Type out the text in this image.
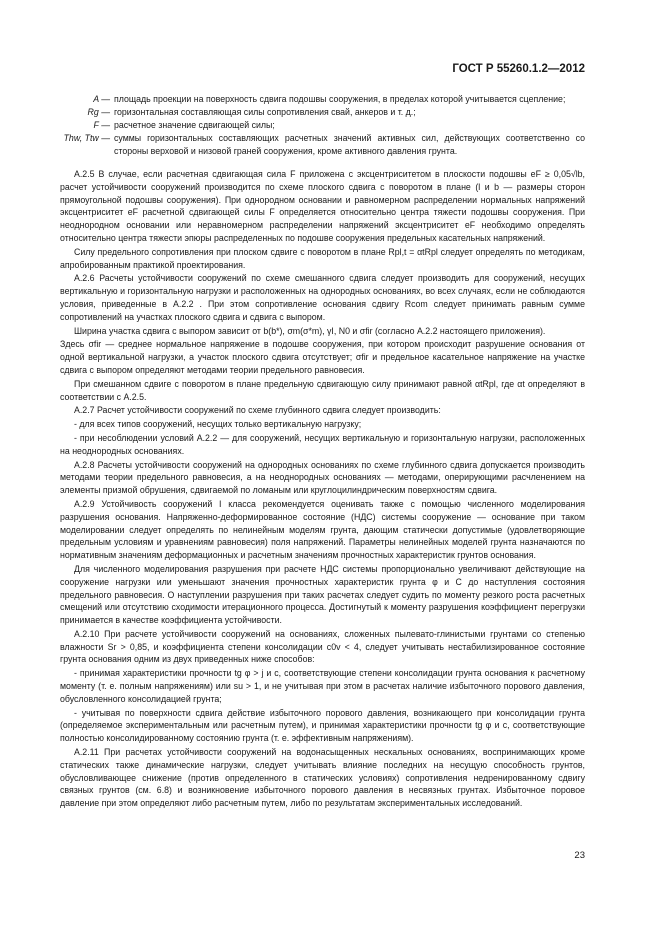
ГОСТ Р 55260.1.2—2012
A — площадь проекции на поверхность сдвига подошвы сооружения, в пределах которой учитывается сцепление;
Rg — горизонтальная составляющая силы сопротивления свай, анкеров и т. д.;
F — расчетное значение сдвигающей силы;
Thw, Ttw — суммы горизонтальных составляющих расчетных значений активных сил, действующих соответственно со стороны верховой и низовой граней сооружения, кроме активного давления грунта.

А.2.5 В случае, если расчетная сдвигающая сила F приложена с эксцентриситетом в плоскости подошвы eF ≥ 0,05√lb, расчет устойчивости сооружений производится по схеме плоского сдвига с поворотом в плане (l и b — размеры сторон прямоугольной подошвы сооружения). При однородном основании и равномерном распределении нормальных напряжений эксцентриситет eF расчетной сдвигающей силы F определяется относительно центра тяжести подошвы сооружения. При неоднородном основании или неравномерном распределении напряжений эксцентриситет eF необходимо определять относительно центра тяжести эпюры распределенных по подошве сооружения предельных касательных напряжений.

Силу предельного сопротивления при плоском сдвиге с поворотом в плане Rpl,t = αtRpl следует определять по методикам, апробированным практикой проектирования.

А.2.6 Расчеты устойчивости сооружений по схеме смешанного сдвига следует производить для сооружений, несущих вертикальную и горизонтальную нагрузки и расположенных на однородных основаниях, во всех случаях, если не соблюдаются условия, приведенные в А.2.2 . При этом сопротивление основания сдвигу Rcom следует принимать равным сумме сопротивлений на участках плоского сдвига и сдвига с выпором.

Ширина участка сдвига с выпором зависит от b(b*), σm(σ*m), γI, N0 и σfir (согласно А.2.2 настоящего приложения).

Здесь σfir — среднее нормальное напряжение в подошве сооружения, при котором происходит разрушение основания от одной вертикальной нагрузки, а участок плоского сдвига отсутствует; σfir и предельное касательное напряжение на участке сдвига с выпором определяют методами теории предельного равновесия.

При смешанном сдвиге с поворотом в плане предельную сдвигающую силу принимают равной αtRpl, где αt определяют в соответствии с А.2.5.

А.2.7 Расчет устойчивости сооружений по схеме глубинного сдвига следует производить:

- для всех типов сооружений, несущих только вертикальную нагрузку;

- при несоблюдении условий А.2.2 — для сооружений, несущих вертикальную и горизонтальную нагрузки, расположенных на неоднородных основаниях.

А.2.8 Расчеты устойчивости сооружений на однородных основаниях по схеме глубинного сдвига допускается производить методами теории предельного равновесия, а на неоднородных основаниях — методами, оперирующими расчленением на элементы призмой обрушения, сдвигаемой по ломаным или круглоцилиндрическим поверхностям сдвига.

А.2.9 Устойчивость сооружений I класса рекомендуется оценивать также с помощью численного моделирования разрушения основания. Напряженно-деформированное состояние (НДС) системы сооружение — основание при таком моделировании следует определять по нелинейным моделям грунта, дающим статически допустимые (удовлетворяющие предельным условиям и уравнениям равновесия) поля напряжений. Параметры нелинейных моделей грунта назначаются по нормативным значениям деформационных и расчетным значениям прочностных характеристик грунтов основания.

Для численного моделирования разрушения при расчете НДС системы пропорционально увеличивают действующие на сооружение нагрузки или уменьшают значения прочностных характеристик грунта φ и C до наступления состояния предельного равновесия. О наступлении разрушения при таких расчетах следует судить по моменту резкого роста расчетных смещений или отсутствию сходимости итерационного процесса. Достигнутый к моменту разрушения коэффициент перегрузки принимается в качестве коэффициента устойчивости.

А.2.10 При расчете устойчивости сооружений на основаниях, сложенных пылевато-глинистыми грунтами со степенью влажности Sr > 0,85, и коэффициента степени консолидации c0v < 4, следует учитывать нестабилизированное состояние грунта основания одним из двух приведенных ниже способов:

- принимая характеристики прочности tg φ > j и c, соответствующие степени консолидации грунта основания к расчетному моменту (т. е. полным напряжениям) или su > 1, и не учитывая при этом в расчетах наличие избыточного порового давления, обусловленного консолидацией грунта;

- учитывая по поверхности сдвига действие избыточного порового давления, возникающего при консолидации грунта (определяемое экспериментальным или расчетным путем), и принимая характеристики прочности tg φ и c, соответствующие полностью консолидированному состоянию грунта (т. е. эффективным напряжениям).

А.2.11 При расчетах устойчивости сооружений на водонасыщенных нескальных основаниях, воспринимающих кроме статических также динамические нагрузки, следует учитывать влияние последних на несущую способность грунтов, обусловливающее снижение (против определенного в статических условиях) сопротивления недренированному сдвигу связных грунтов (см. 6.8) и возникновение избыточного порового давления в несвязных грунтах. Избыточное поровое давление при этом определяют либо расчетным путем, либо по результатам экспериментальных исследований.

23
